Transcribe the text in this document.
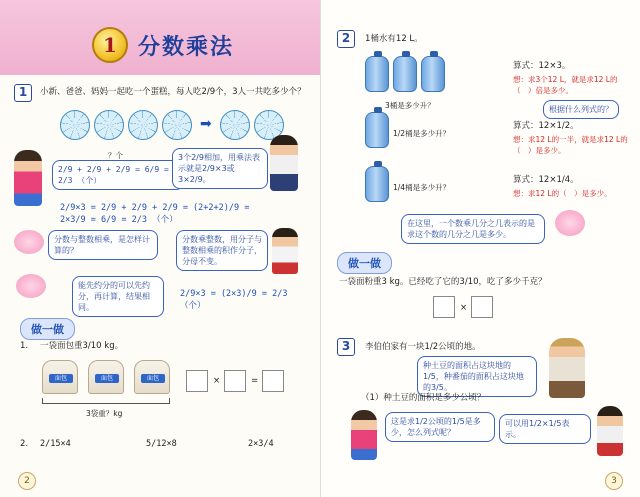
1 分数乘法
1	小新、爸爸、妈妈一起吃一个蛋糕，每人吃2/9个，3人一共吃多少个？
➡
？个
2/9 + 2/9 + 2/9 = 6/9 = 2/3 （个）
3个2/9相加，用乘法表示就是2/9×3或3×2/9。
2/9×3 = 2/9 + 2/9 + 2/9 = (2+2+2)/9 = 2×3/9 = 6/9 = 2/3 （个）
分数与整数相乘，是怎样计算的？
分数乘整数，用分子与整数相乘的积作分子，分母不变。
能先约分的可以先约分，再计算，结果相同。
2/9×3 = (2×3)/9 = 2/3 （个）
做一做
1. 一袋面包重3/10 kg。
面包	面包	面包
3袋重？kg
×	=
2. 2/15×4	5/12×8	2×3/4
2
2	1桶水有12 L。
3桶是多少升？
算式：12×3。
想：求3个12 L，就是求12 L的（　）倍是多少。
1/2桶是多少升？
根据什么列式的？
算式：12×1/2。
想：求12 L的一半，就是求12 L的（　）是多少。
1/4桶是多少升？
算式：12×1/4。
想：求12 L的（　）是多少。
在这里，一个数乘几分之几表示的是求这个数的几分之几是多少。
做一做
一袋面粉重3 kg。已经吃了它的3/10，吃了多少千克？
×
3	李伯伯家有一块1/2公顷的地。
种土豆的面积占这块地的1/5，种番茄的面积占这块地的3/5。
（1）种土豆的面积是多少公顷？
这是求1/2公顷的1/5是多少，怎么列式呢？
可以用1/2×1/5表示。
3
